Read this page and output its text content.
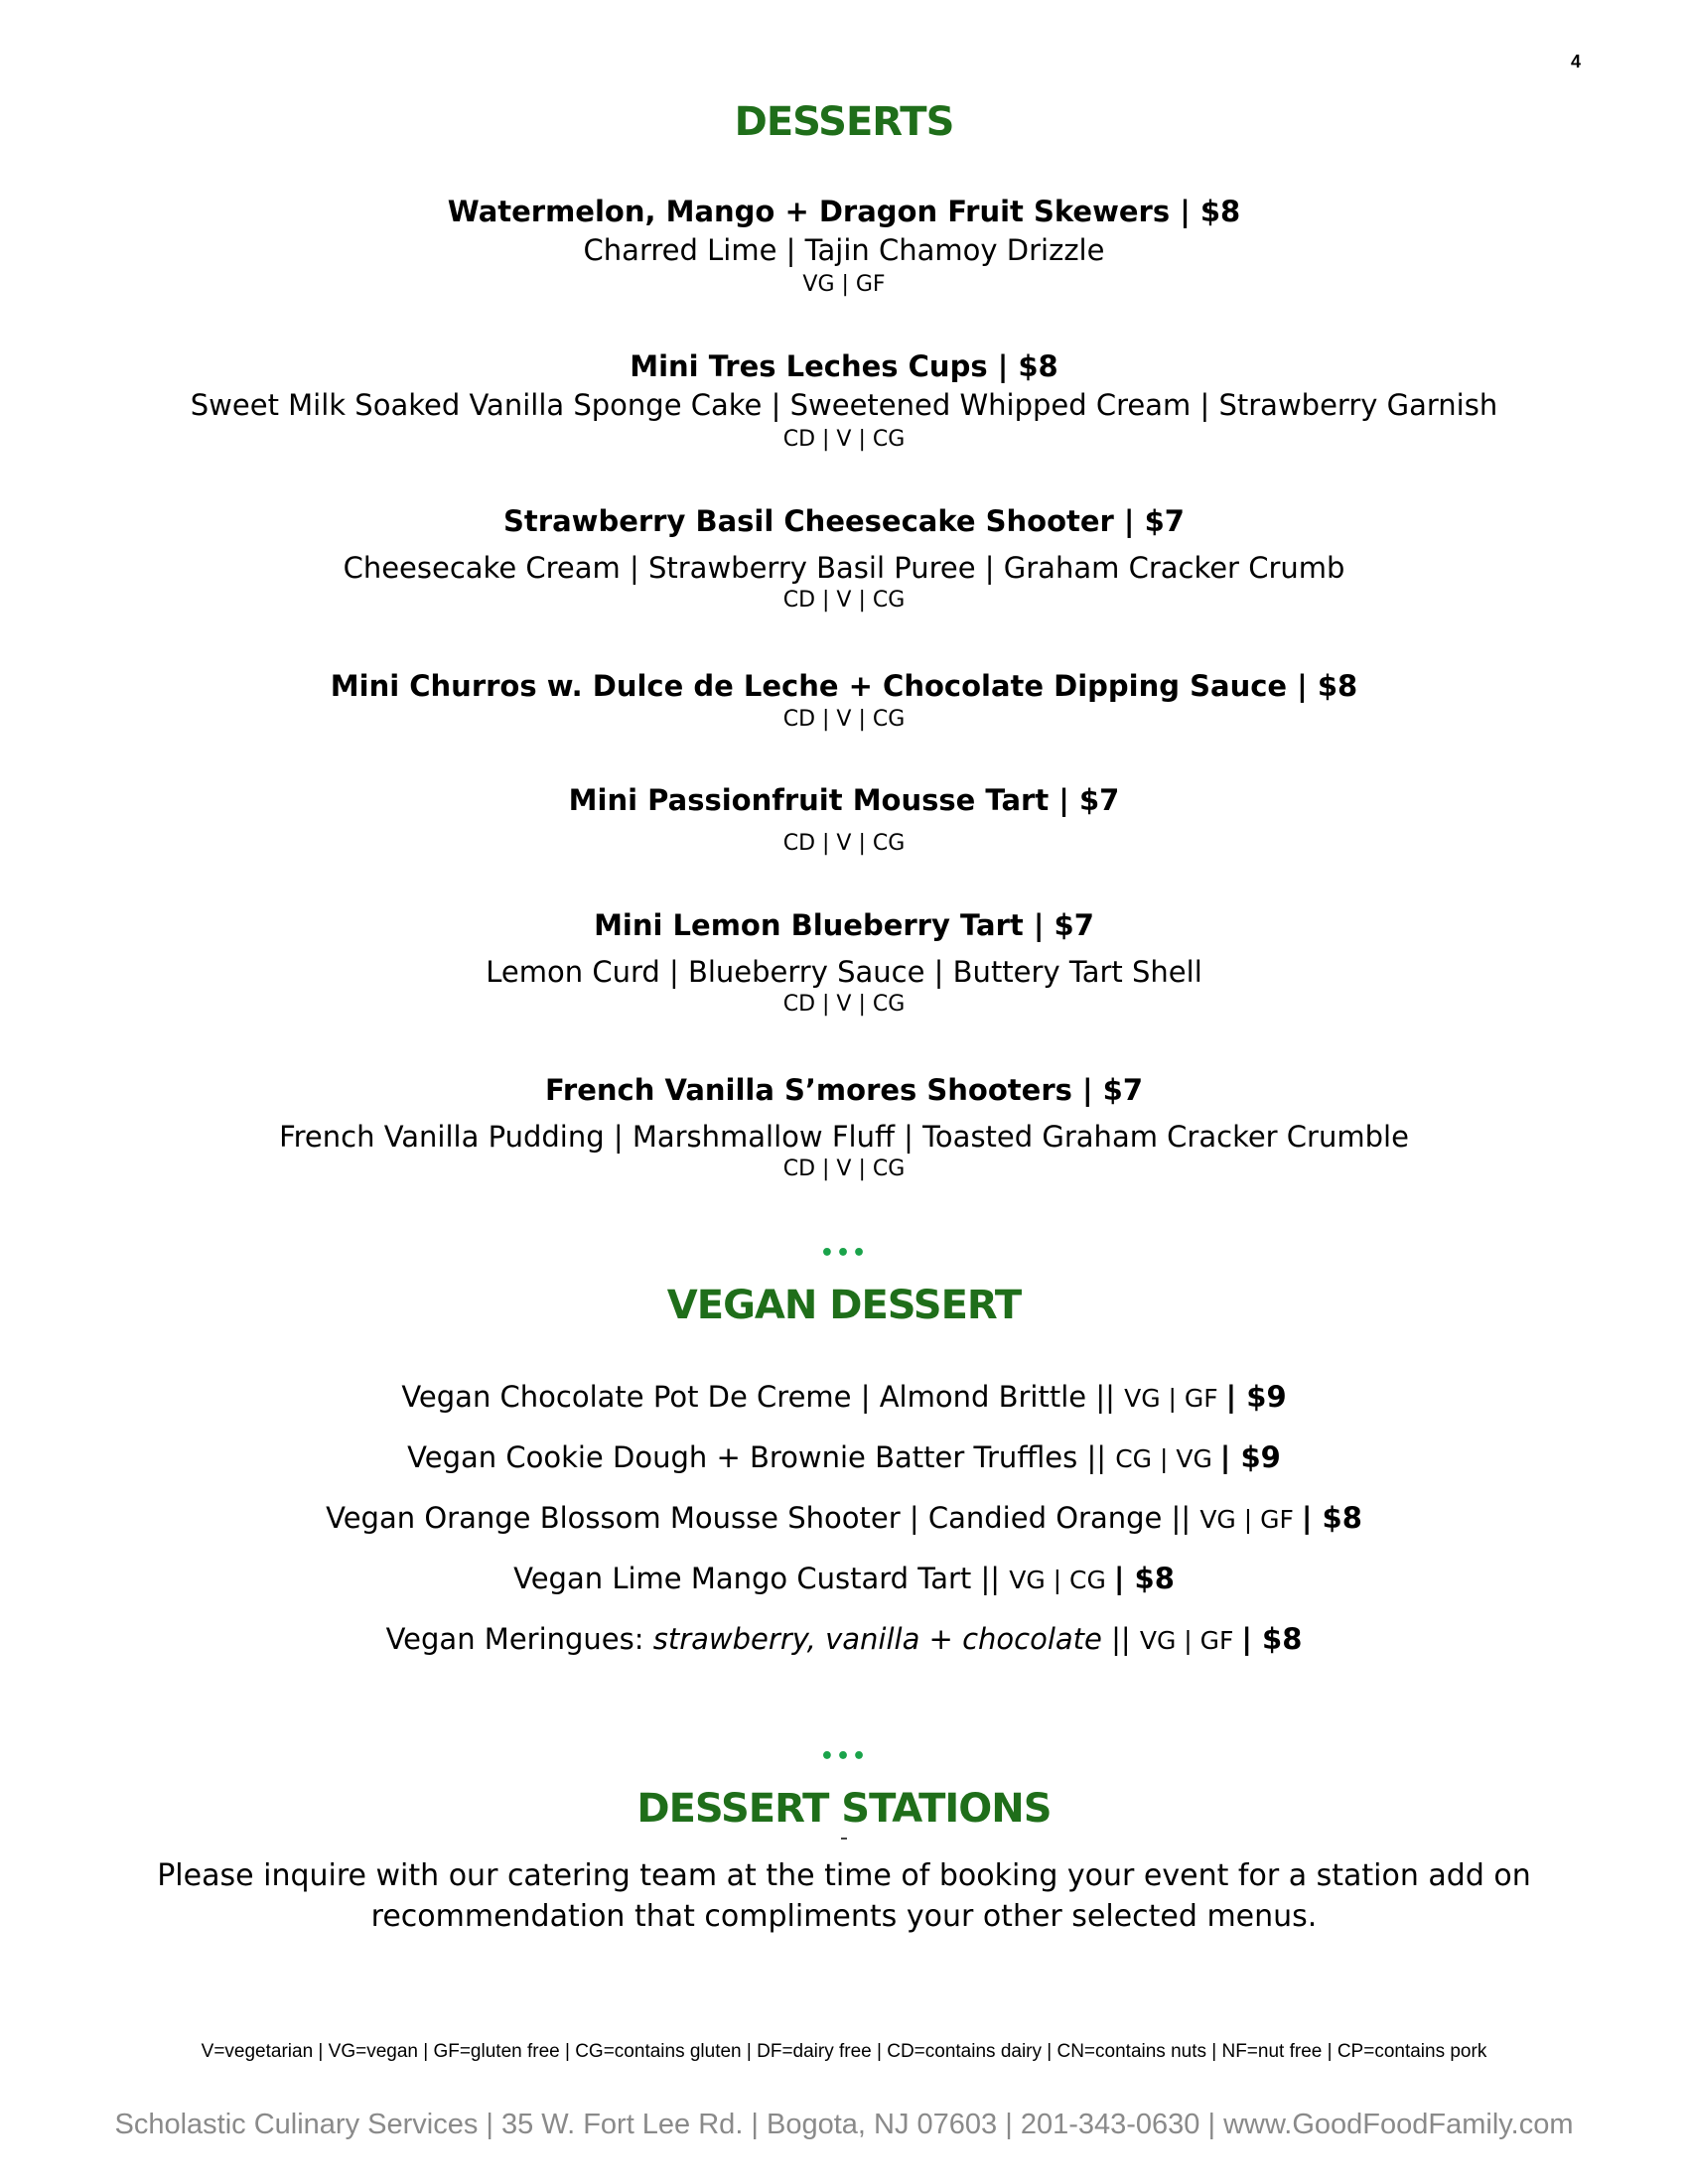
4
DESSERTS
Watermelon, Mango + Dragon Fruit Skewers | $8
Charred Lime | Tajin Chamoy Drizzle
VG | GF
Mini Tres Leches Cups | $8
Sweet Milk Soaked Vanilla Sponge Cake | Sweetened Whipped Cream | Strawberry Garnish
CD | V | CG
Strawberry Basil Cheesecake Shooter | $7
Cheesecake Cream | Strawberry Basil Puree | Graham Cracker Crumb
CD | V | CG
Mini Churros w. Dulce de Leche + Chocolate Dipping Sauce | $8
CD | V | CG
Mini Passionfruit Mousse Tart | $7
CD | V | CG
Mini Lemon Blueberry Tart | $7
Lemon Curd | Blueberry Sauce | Buttery Tart Shell
CD | V | CG
French Vanilla S’mores Shooters | $7
French Vanilla Pudding | Marshmallow Fluff | Toasted Graham Cracker Crumble
CD | V | CG
•••
VEGAN DESSERT
Vegan Chocolate Pot De Creme | Almond Brittle || VG | GF | $9
Vegan Cookie Dough + Brownie Batter Truffles || CG | VG | $9
Vegan Orange Blossom Mousse Shooter | Candied Orange || VG | GF | $8
Vegan Lime Mango Custard Tart || VG | CG | $8
Vegan Meringues: strawberry, vanilla + chocolate || VG | GF | $8
•••
DESSERT STATIONS
Please inquire with our catering team at the time of booking your event for a station add on
recommendation that compliments your other selected menus.
V=vegetarian | VG=vegan | GF=gluten free | CG=contains gluten | DF=dairy free | CD=contains dairy | CN=contains nuts | NF=nut free | CP=contains pork
Scholastic Culinary Services | 35 W. Fort Lee Rd. | Bogota, NJ 07603 | 201-343-0630 | www.GoodFoodFamily.com
